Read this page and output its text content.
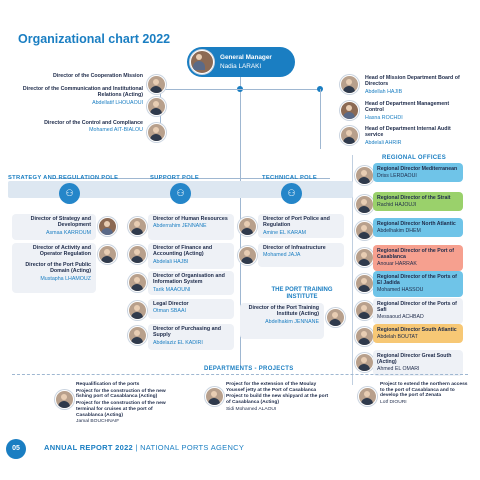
Organizational chart 2022
General Manager
Nadia LARAKI
Director of the Cooperation Mission
Director of the Communication and Institutional Relations (Acting)
Abdellatif LHOUAOUI
Director of the Control and Compliance
Mohamed AIT-BIALOU
Head of Mission Department Board of Directors
Abdellah HAJIB
Head of Department Management Control
Hasna ROCHDI
Head of Department Internal Audit service
Abdelali AHRIR
REGIONAL OFFICES
Regional Director Mediterranean
Driss LERDAOUI
Regional Director of the Strait
Rachid HAJOUJI
Regional Director North Atlantic
Abdelhakim DHEM
Regional Director of the Port of Casablanca
Anouar HARRAK
Regional Director of the Ports of El Jadida
Mohamed HASSOU
Regional Director of the Ports of Safi
Messaoud ACHBAD
Regional Director South Atlantic
Abdelah BOUTAT
Regional Director Great South (Acting)
Ahmed EL OMARI
STRATEGY AND REGULATION POLE	SUPPORT POLE	TECHNICAL POLE
⚇	⚇	⚇
Director of Strategy and Development
Asmaa KARROUM
Director of Activity and Operator Regulation
Director of the Port Public Domain (Acting)
Mustapha LHAMOUZ
Director of Human Resources
Abderrahim JENNANE
Director of Finance and Accounting (Acting)
Abdelali HAJBI
Director of Organisation and Information System
Tarik MAAOUNI
Legal Director
Otman SBAAI
Director of Purchasing and Supply
Abdelaziz EL KADIRI
Director of Port Police and Regulation
Amine EL KARAM
Director of Infrastructure
Mohamed JAJA
THE PORT TRAINING INSTITUTE
Director of the Port Training Institute (Acting)
Abdelhakim JENNANE
DEPARTMENTS - PROJECTS
Requalification of the ports
Project for the construction of the new fishing port of Casablanca (Acting)
Project for the construction of the new terminal for cruises at the port of Casablanca (Acting)
Jamal BOUCHNAIF
Project for the extension of the Moulay Youssef jetty at the Port of Casablanca
Project to build the new shipyard at the port of Casablanca (Acting)
Sidi Mohamed ALAOUI
Project to extend the northern access to the port of Casablanca and to develop the port of Zenata
Lotf DIOURI
05	ANNUAL REPORT 2022 | NATIONAL PORTS AGENCY
